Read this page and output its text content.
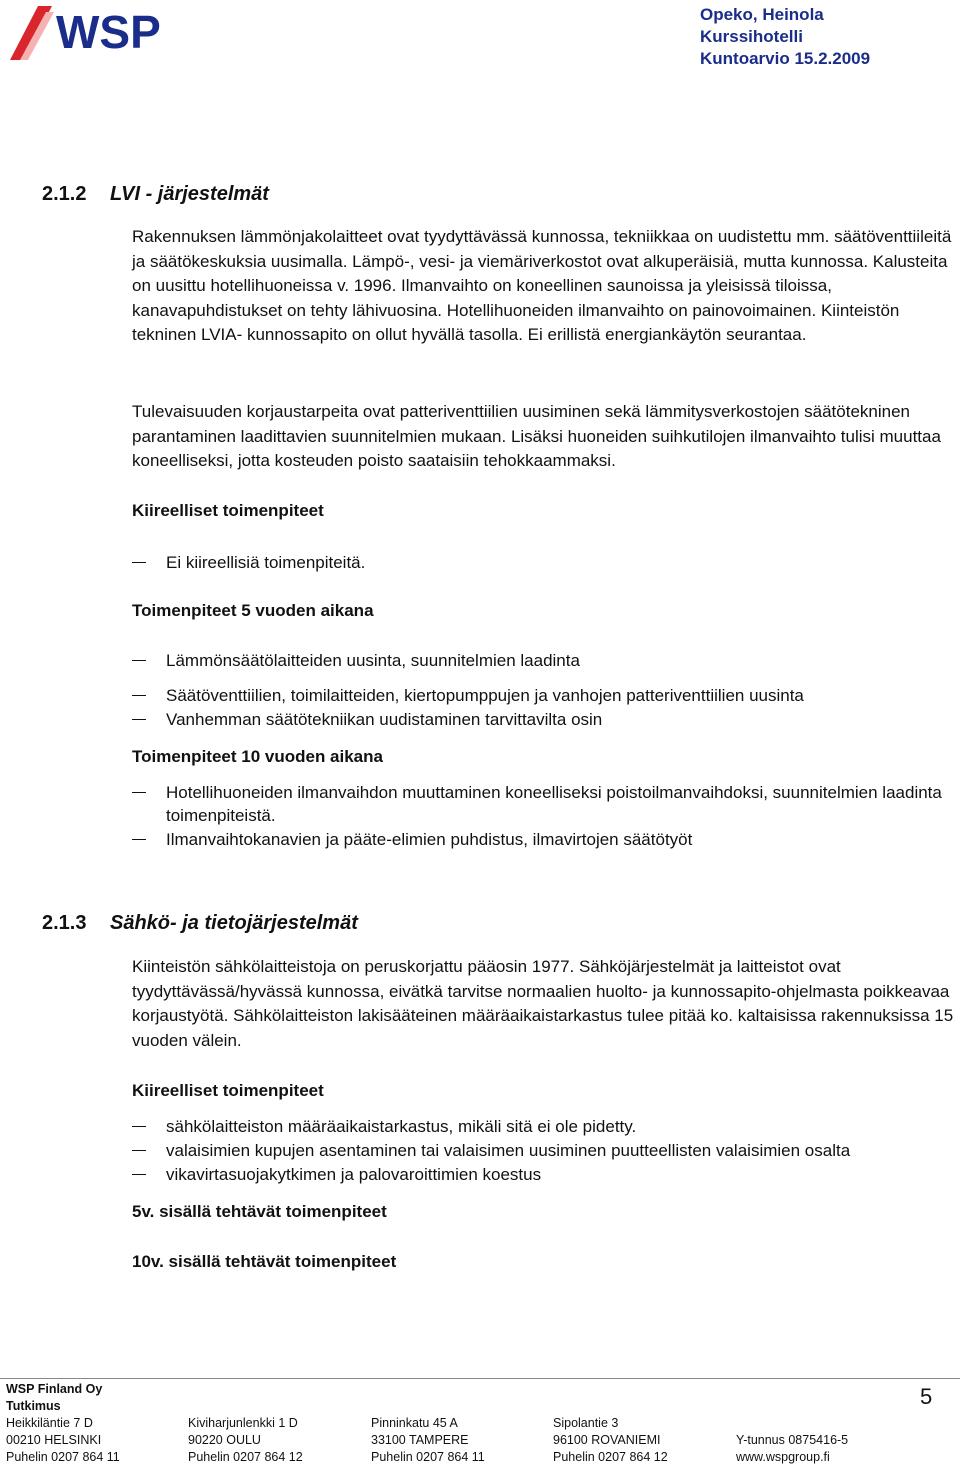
WSP	Opeko, Heinola
Kurssihotelli
Kuntoarvio 15.2.2009
2.1.2 LVI - järjestelmät

Rakennuksen lämmönjakolaitteet ovat tyydyttävässä kunnossa, tekniikkaa on uudistettu mm. säätöventtiileitä ja säätökeskuksia uusimalla. Lämpö-, vesi- ja viemäriverkostot ovat alkuperäisiä, mutta kunnossa. Kalusteita on uusittu hotellihuoneissa v. 1996. Ilmanvaihto on koneellinen saunoissa ja yleisissä tiloissa, kanavapuhdistukset on tehty lähivuosina. Hotellihuoneiden ilmanvaihto on painovoimainen. Kiinteistön tekninen LVIA- kunnossapito on ollut hyvällä tasolla. Ei erillistä energiankäytön seurantaa.

Tulevaisuuden korjaustarpeita ovat patteriventtiilien uusiminen sekä lämmitysverkostojen säätötekninen parantaminen laadittavien suunnitelmien mukaan. Lisäksi huoneiden suihkutilojen ilmanvaihto tulisi muuttaa koneelliseksi, jotta kosteuden poisto saataisiin tehokkaammaksi.

Kiireelliset toimenpiteet
Ei kiireellisiä toimenpiteitä.
Toimenpiteet 5 vuoden aikana
Lämmönsäätölaitteiden uusinta, suunnitelmien laadinta
Säätöventtiilien, toimilaitteiden, kiertopumppujen ja vanhojen patteriventtiilien uusinta
Vanhemman säätötekniikan uudistaminen tarvittavilta osin
Toimenpiteet 10 vuoden aikana
Hotellihuoneiden ilmanvaihdon muuttaminen koneelliseksi poistoilmanvaihdoksi, suunnitelmien laadinta toimenpiteistä.
Ilmanvaihtokanavien ja pääte-elimien puhdistus, ilmavirtojen säätötyöt
2.1.3 Sähkö- ja tietojärjestelmät

Kiinteistön sähkölaitteistoja on peruskorjattu pääosin 1977. Sähköjärjestelmät ja laitteistot ovat tyydyttävässä/hyvässä kunnossa, eivätkä tarvitse normaalien huolto- ja kunnossapito-ohjelmasta poikkeavaa korjaustyötä. Sähkölaitteiston lakisääteinen määräaikaistarkastus tulee pitää ko. kaltaisissa rakennuksissa 15 vuoden välein.

Kiireelliset toimenpiteet
sähkölaitteiston määräaikaistarkastus, mikäli sitä ei ole pidetty.
valaisimien kupujen asentaminen tai valaisimen uusiminen puutteellisten valaisimien osalta
vikavirtasuojakytkimen ja palovaroittimien koestus
5v. sisällä tehtävät toimenpiteet
10v. sisällä tehtävät toimenpiteet
WSP Finland Oy
Tutkimus	5
Heikkiläntie 7 D
00210 HELSINKI
Puhelin 0207 864 11
Kiviharjunlenkki 1 D
90220 OULU
Puhelin 0207 864 12
Pinninkatu 45 A
33100 TAMPERE
Puhelin 0207 864 11
Sipolantie 3
96100 ROVANIEMI
Puhelin 0207 864 12
Y-tunnus 0875416-5
www.wspgroup.fi
